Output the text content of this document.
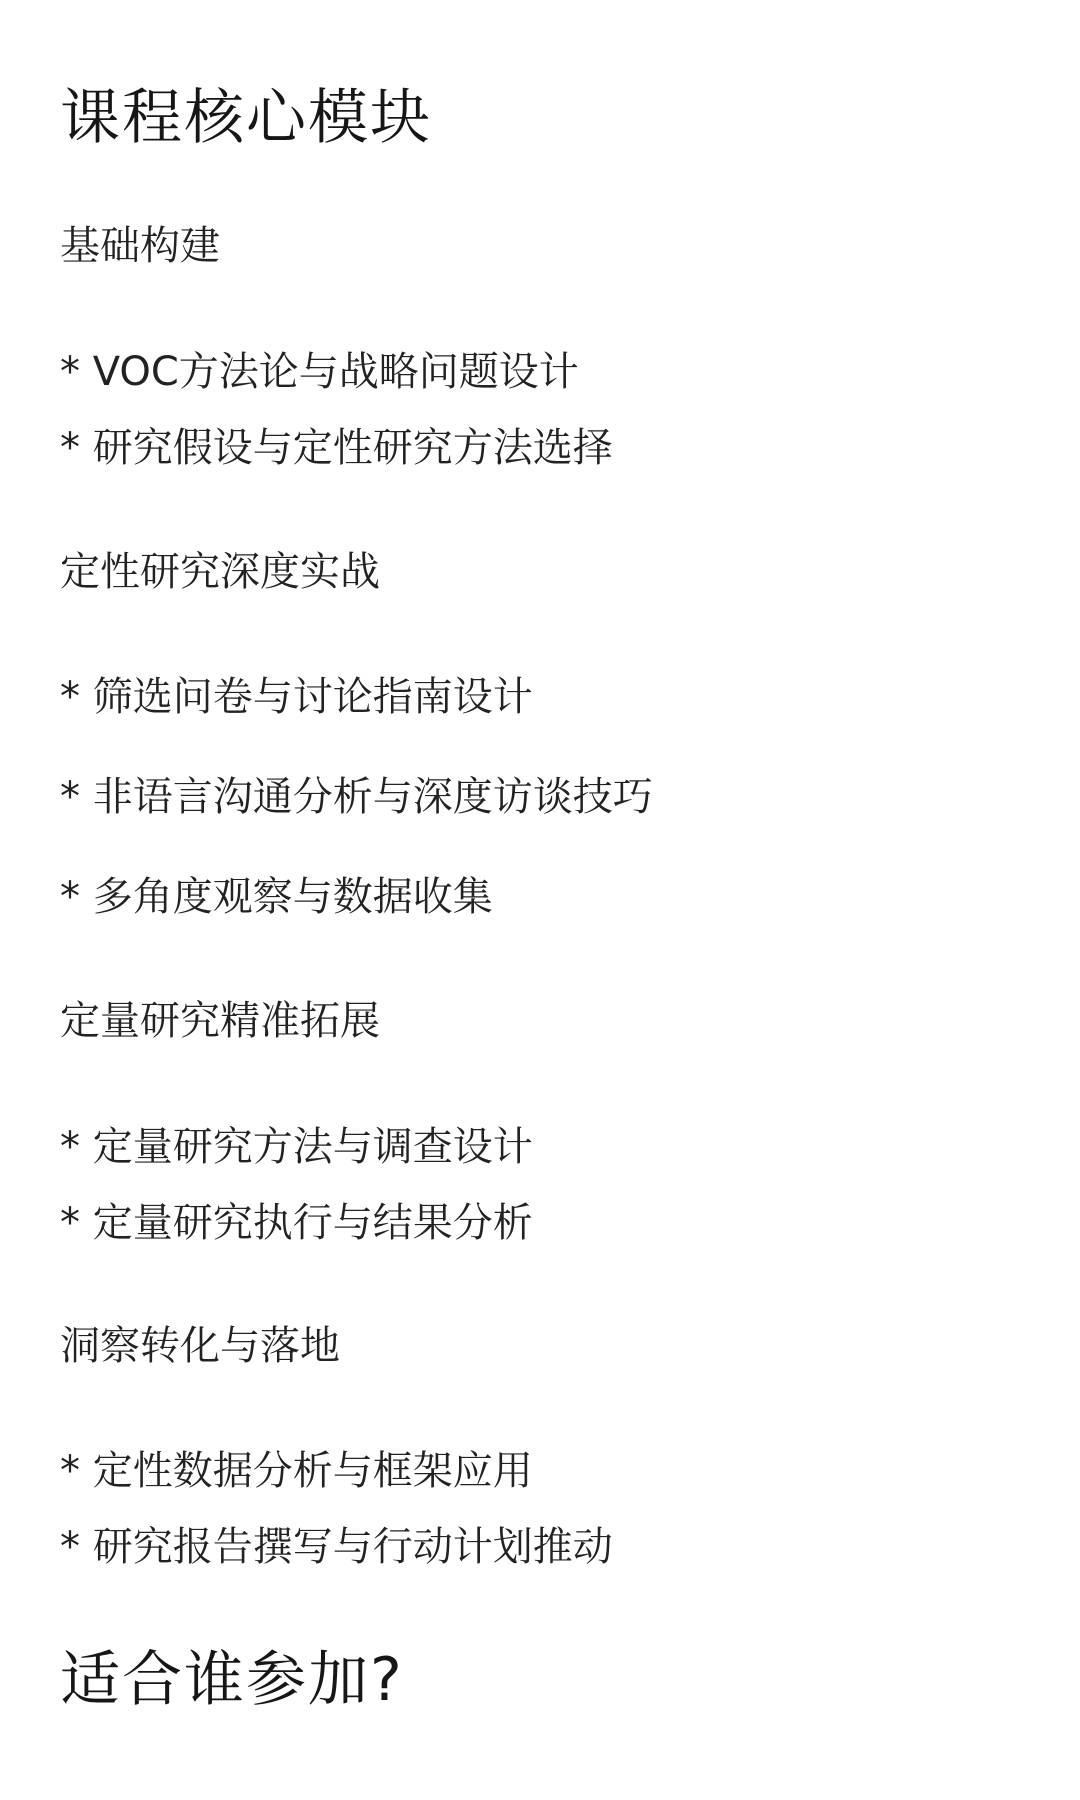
课程核心模块
基础构建

* VOC方法论与战略问题设计

* 研究假设与定性研究方法选择

定性研究深度实战

* 筛选问卷与讨论指南设计

* 非语言沟通分析与深度访谈技巧

* 多角度观察与数据收集

定量研究精准拓展

* 定量研究方法与调查设计

* 定量研究执行与结果分析

洞察转化与落地

* 定性数据分析与框架应用

* 研究报告撰写与行动计划推动

适合谁参加?
